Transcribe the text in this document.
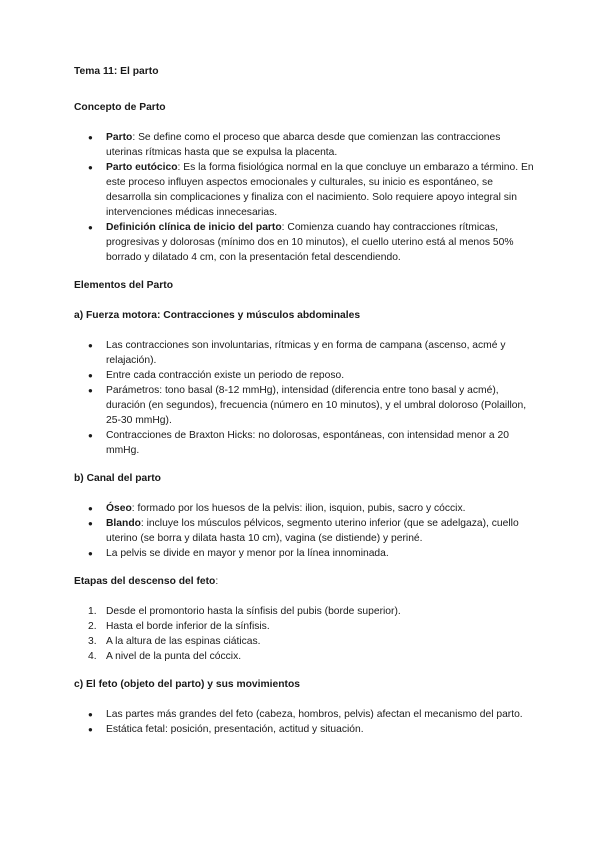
Tema 11: El parto
Concepto de Parto
● Parto: Se define como el proceso que abarca desde que comienzan las contracciones uterinas rítmicas hasta que se expulsa la placenta.
● Parto eutócico: Es la forma fisiológica normal en la que concluye un embarazo a término. En este proceso influyen aspectos emocionales y culturales, su inicio es espontáneo, se desarrolla sin complicaciones y finaliza con el nacimiento. Solo requiere apoyo integral sin intervenciones médicas innecesarias.
● Definición clínica de inicio del parto: Comienza cuando hay contracciones rítmicas, progresivas y dolorosas (mínimo dos en 10 minutos), el cuello uterino está al menos 50% borrado y dilatado 4 cm, con la presentación fetal descendiendo.
Elementos del Parto
a) Fuerza motora: Contracciones y músculos abdominales
● Las contracciones son involuntarias, rítmicas y en forma de campana (ascenso, acmé y relajación).
● Entre cada contracción existe un periodo de reposo.
● Parámetros: tono basal (8-12 mmHg), intensidad (diferencia entre tono basal y acmé), duración (en segundos), frecuencia (número en 10 minutos), y el umbral doloroso (Polaillon, 25-30 mmHg).
● Contracciones de Braxton Hicks: no dolorosas, espontáneas, con intensidad menor a 20 mmHg.
b) Canal del parto
● Óseo: formado por los huesos de la pelvis: ilion, isquion, pubis, sacro y cóccix.
● Blando: incluye los músculos pélvicos, segmento uterino inferior (que se adelgaza), cuello uterino (se borra y dilata hasta 10 cm), vagina (se distiende) y periné.
● La pelvis se divide en mayor y menor por la línea innominada.
Etapas del descenso del feto:
1. Desde el promontorio hasta la sínfisis del pubis (borde superior).
2. Hasta el borde inferior de la sínfisis.
3. A la altura de las espinas ciáticas.
4. A nivel de la punta del cóccix.
c) El feto (objeto del parto) y sus movimientos
● Las partes más grandes del feto (cabeza, hombros, pelvis) afectan el mecanismo del parto.
● Estática fetal: posición, presentación, actitud y situación.
